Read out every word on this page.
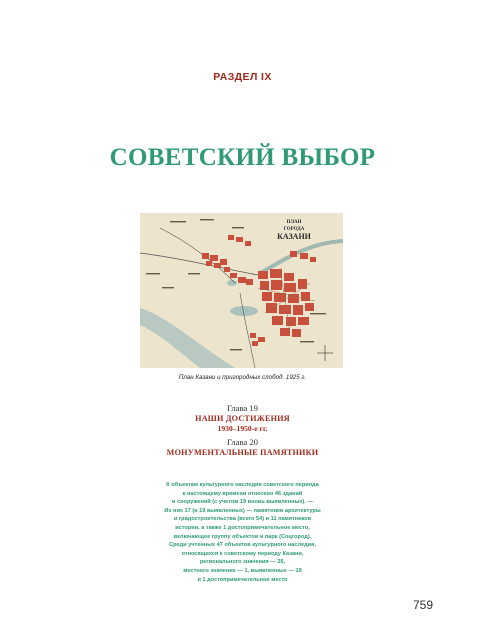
РАЗДЕЛ IX
СОВЕТСКИЙ ВЫБОР
ПЛАН
ГОРОДА
КАЗАНИ
План Казани и пригородных слобод. 1925 г.
Глава 19
НАШИ ДОСТИЖЕНИЯ
1930–1950-е гг.
Глава 20
МОНУМЕНТАЛЬНЫЕ ПАМЯТНИКИ
К объектам культурного наследия советского периода
к настоящему времени отнесено 46 зданий
и сооружений (с учетом 19 вновь выявленных). —
Их них 17 (и 19 выявленных) — памятники архитектуры
и градостроительства (всего 54) и 11 памятников
истории, а также 1 достопримечательное место,
включающее группу объектов и парк (Соцгород).
Среди учтенных 47 объектов культурного наследия,
относящихся к советскому периоду Казани,
регионального значения — 26,
местного значение — 1, выявленных — 19
и 1 достопримечательное место
759
